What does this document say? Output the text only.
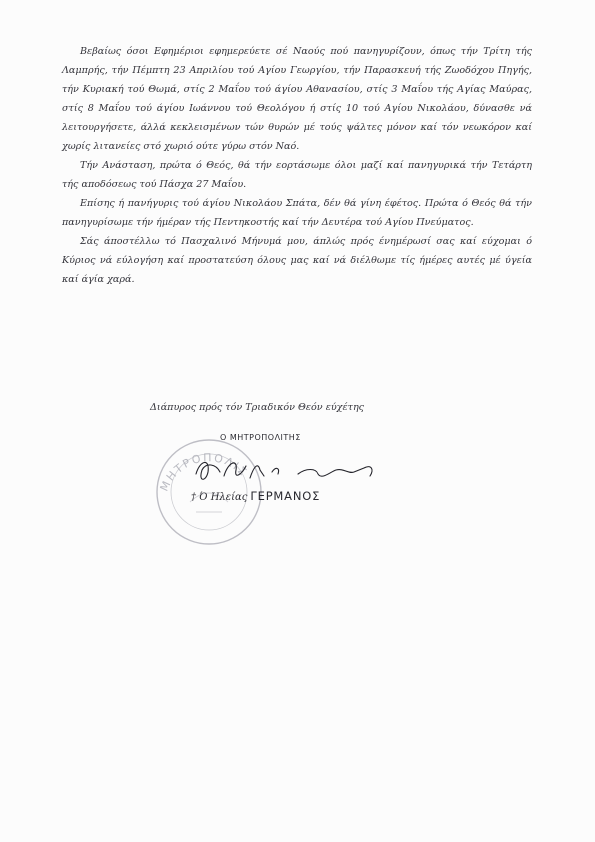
Βεβαίως όσοι Εφημέριοι εφημερεύετε σέ Ναούς πού πανηγυρίζουν, όπως τήν Τρίτη τής Λαμπρής, τήν Πέμπτη 23 Απριλίου τού Αγίου Γεωργίου, τήν Παρασκευή τής Ζωοδόχου Πηγής, τήν Κυριακή τού Θωμά, στίς 2 Μαΐου τού άγίου Αθανασίου, στίς 3 Μαΐου τής Αγίας Μαύρας, στίς 8 Μαΐου τού άγίου Ιωάννου τού Θεολόγου ή στίς 10 τού Αγίου Νικολάου, δύνασθε νά λειτουργήσετε, άλλά κεκλεισμένων τών θυρών μέ τούς ψάλτες μόνον καί τόν νεωκόρον καί χωρίς λιτανείες στό χωριό ούτε γύρω στόν Ναό.

Τήν Ανάσταση, πρώτα ό Θεός, θά τήν εορτάσωμε όλοι μαζί καί πανηγυρικά τήν Τετάρτη τής αποδόσεως τού Πάσχα 27 Μαΐου.

Επίσης ή πανήγυρις τού άγίου Νικολάου Σπάτα, δέν θά γίνη έφέτος. Πρώτα ό Θεός θά τήν πανηγυρίσωμε τήν ήμέραν τής Πεντηκοστής καί τήν Δευτέρα τού Αγίου Πνεύματος.

Σάς άποστέλλω τό Πασχαλινό Μήνυμά μου, άπλώς πρός ένημέρωσί σας καί εύχομαι ό Κύριος νά εύλογήση καί προστατεύση όλους μας καί νά διέλθωμε τίς ήμέρες αυτές μέ ύγεία καί άγία χαρά.

Διάπυρος πρός τόν Τριαδικόν Θεόν εύχέτης
ΜΗΤΡΟΠΟΛΙΣ
Ο ΜΗΤΡΟΠΟΛΙΤΗΣ
† Ό Ηλείας ΓΕΡΜΑΝΟΣ
